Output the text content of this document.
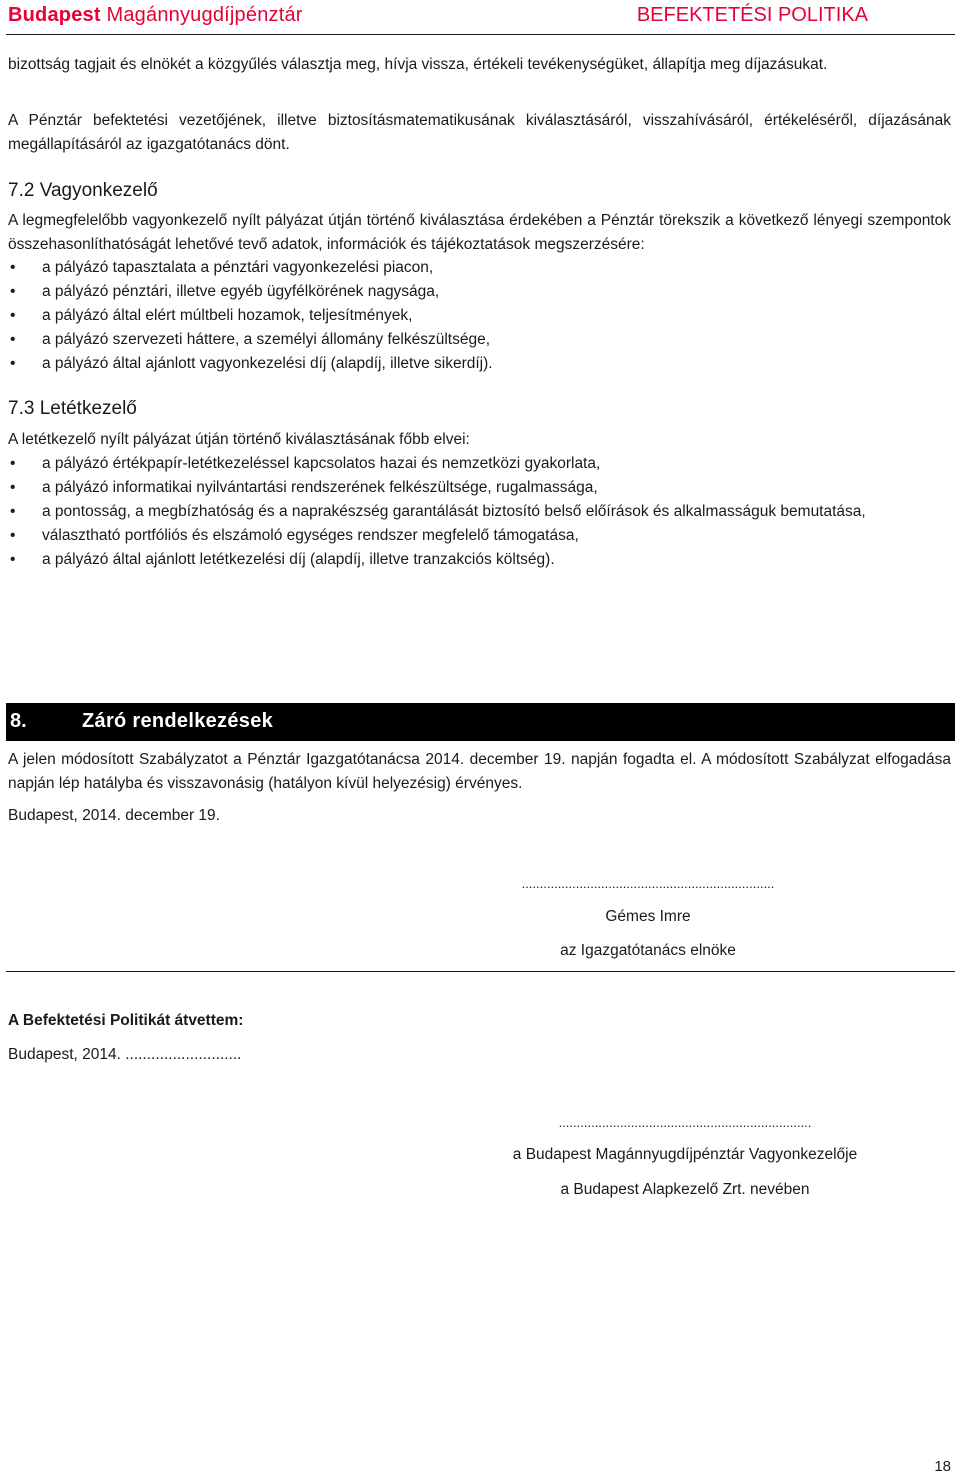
Budapest Magánnyugdíjpénztár	BEFEKTETÉSI POLITIKA
bizottság tagjait és elnökét a közgyűlés választja meg, hívja vissza, értékeli tevékenységüket, állapítja meg díjazásukat.
A Pénztár befektetési vezetőjének, illetve biztosításmatematikusának kiválasztásáról, visszahívásáról, értékeléséről, díjazásának megállapításáról az igazgatótanács dönt.
7.2 Vagyonkezelő
A legmegfelelőbb vagyonkezelő nyílt pályázat útján történő kiválasztása érdekében a Pénztár törekszik a következő lényegi szempontok összehasonlíthatóságát lehetővé tevő adatok, információk és tájékoztatások megszerzésére:
• a pályázó tapasztalata a pénztári vagyonkezelési piacon,
• a pályázó pénztári, illetve egyéb ügyfélkörének nagysága,
• a pályázó által elért múltbeli hozamok, teljesítmények,
• a pályázó szervezeti háttere, a személyi állomány felkészültsége,
• a pályázó által ajánlott vagyonkezelési díj (alapdíj, illetve sikerdíj).
7.3 Letétkezelő
A letétkezelő nyílt pályázat útján történő kiválasztásának főbb elvei:
• a pályázó értékpapír-letétkezeléssel kapcsolatos hazai és nemzetközi gyakorlata,
• a pályázó informatikai nyilvántartási rendszerének felkészültsége, rugalmassága,
• a pontosság, a megbízhatóság és a naprakészség garantálását biztosító belső előírások és alkalmasságuk bemutatása,
• választható portfóliós és elszámoló egységes rendszer megfelelő támogatása,
• a pályázó által ajánlott letétkezelési díj (alapdíj, illetve tranzakciós költség).
8.	Záró rendelkezések
A jelen módosított Szabályzatot a Pénztár Igazgatótanácsa 2014. december 19. napján fogadta el. A módosított Szabályzat elfogadása napján lép hatályba és visszavonásig (hatályon kívül helyezésig) érvényes.
Budapest, 2014. december 19.
......................................................................
Gémes Imre
az Igazgatótanács elnöke
A Befektetési Politikát átvettem:
Budapest, 2014. ...........................
......................................................................
a Budapest Magánnyugdíjpénztár Vagyonkezelője
a Budapest Alapkezelő Zrt. nevében
18
